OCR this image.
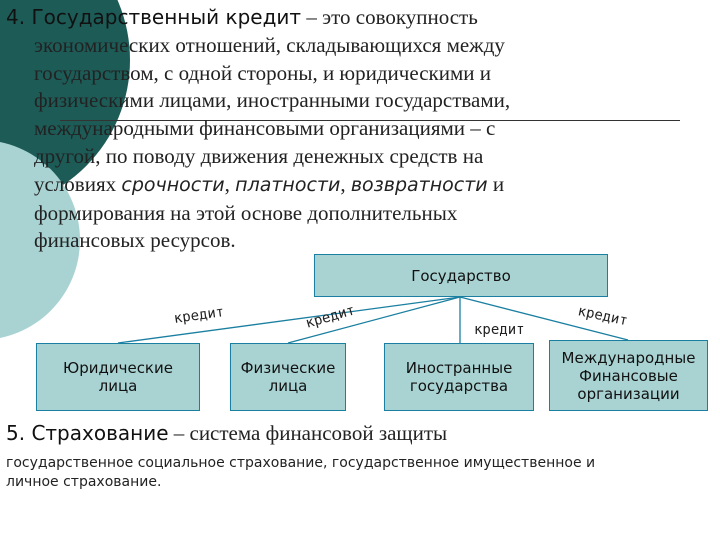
4. Государственный кредит – это совокупность
экономических отношений, складывающихся между
государством, с одной стороны, и юридическими и
физическими лицами, иностранными государствами,
международными финансовыми организациями – с
другой, по поводу движения денежных средств на
условиях срочности, платности, возвратности и
формирования на этой основе дополнительных
финансовых ресурсов.
Государство
Юридические
лица
Физические
лица
Иностранные
государства
Международные
Финансовые
организации
кредит	кредит	кредит
кредит
5. Страхование – система финансовой защиты
государственное социальное страхование, государственное имущественное и личное страхование.
